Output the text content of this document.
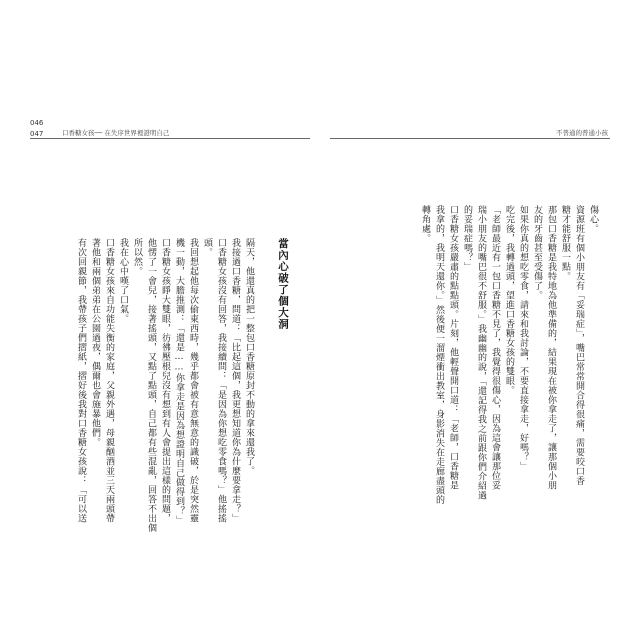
046
047	口香糖女孩── 在失序世界裡證明自己	不普通的普通小孩
傷心。
資源班有個小朋友有「妥瑞症」，嘴巴常常開合得很痛，需要咬口香
糖才能舒服一點。
那包口香糖是我特地為他準備的，結果現在被你拿走了，讓那個小朋
友的牙齒甚至受傷了。
如果你真的想吃零食，請來和我討論，不要直接拿走，好嗎？」
吃完後，我轉過頭，望進口香糖女孩的雙眼。
「老師最近有一包口香糖不見了，我覺得很傷心，因為這會讓那位妥
瑞小朋友的嘴巴很不舒服。」我幽幽的說，「還記得我之前跟你們介紹過
的妥瑞症嗎？」
口香糖女孩嚴肅的點點頭。片刻，他輕聲開口道：「老師，口香糖是
我拿的，我明天還你。」然後便一溜煙衝出教室，身影消失在走廊盡頭的
轉角處。
當內心破了個大洞
隔天，他還真的把一整包口香糖原封不動的拿來還我了。
我接過口香糖，問道：「比起這個，我更想知道你為什麼要拿走？」
口香糖女孩沒有回答，我接續問：「是因為你想吃零食嗎？」他搖搖
頭。
我回想起他每次偷東西時，幾乎都會被有意無意的識破，於是突然靈
機一動，大膽推測：「還是……你拿走是因為想證明自己做得到？」
口香糖女孩睜大雙眼，彷彿壓根兒沒有想到有人會提出這樣的問題，
他愣了一會兒，接著搖頭，又點了點頭，自己都有些混亂，回答不出個
所以然。
我在心中嘆了口氣。
口香糖女孩來自功能失衡的家庭，父親外遇，母親酗酒並三天兩頭帶
著他和兩個弟弟在公園過夜，偶爾也會施暴他們。
有次回親節，我帶孩子們摺紙，摺好後我對口香糖女孩說：「可以送
